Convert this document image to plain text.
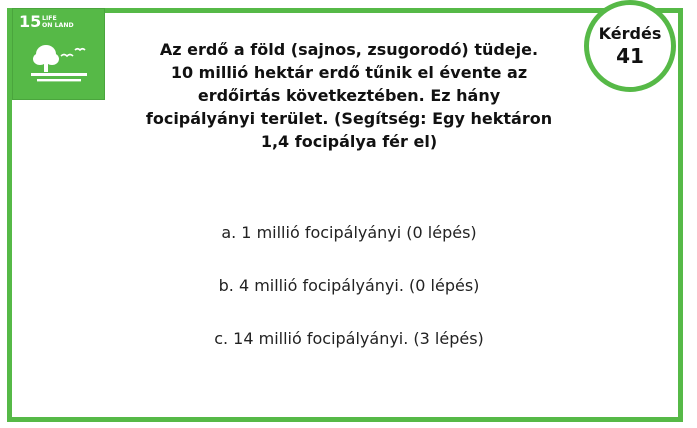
15 LIFE
ON LAND	Kérdés
41
Az erdő a föld (sajnos, zsugorodó) tüdeje.
10 millió hektár erdő tűnik el évente az
erdőirtás következtében. Ez hány
focipályányi terület. (Segítség: Egy hektáron
1,4 focipálya fér el)
a. 1 millió focipályányi (0 lépés)
b. 4 millió focipályányi. (0 lépés)
c. 14 millió focipályányi. (3 lépés)
